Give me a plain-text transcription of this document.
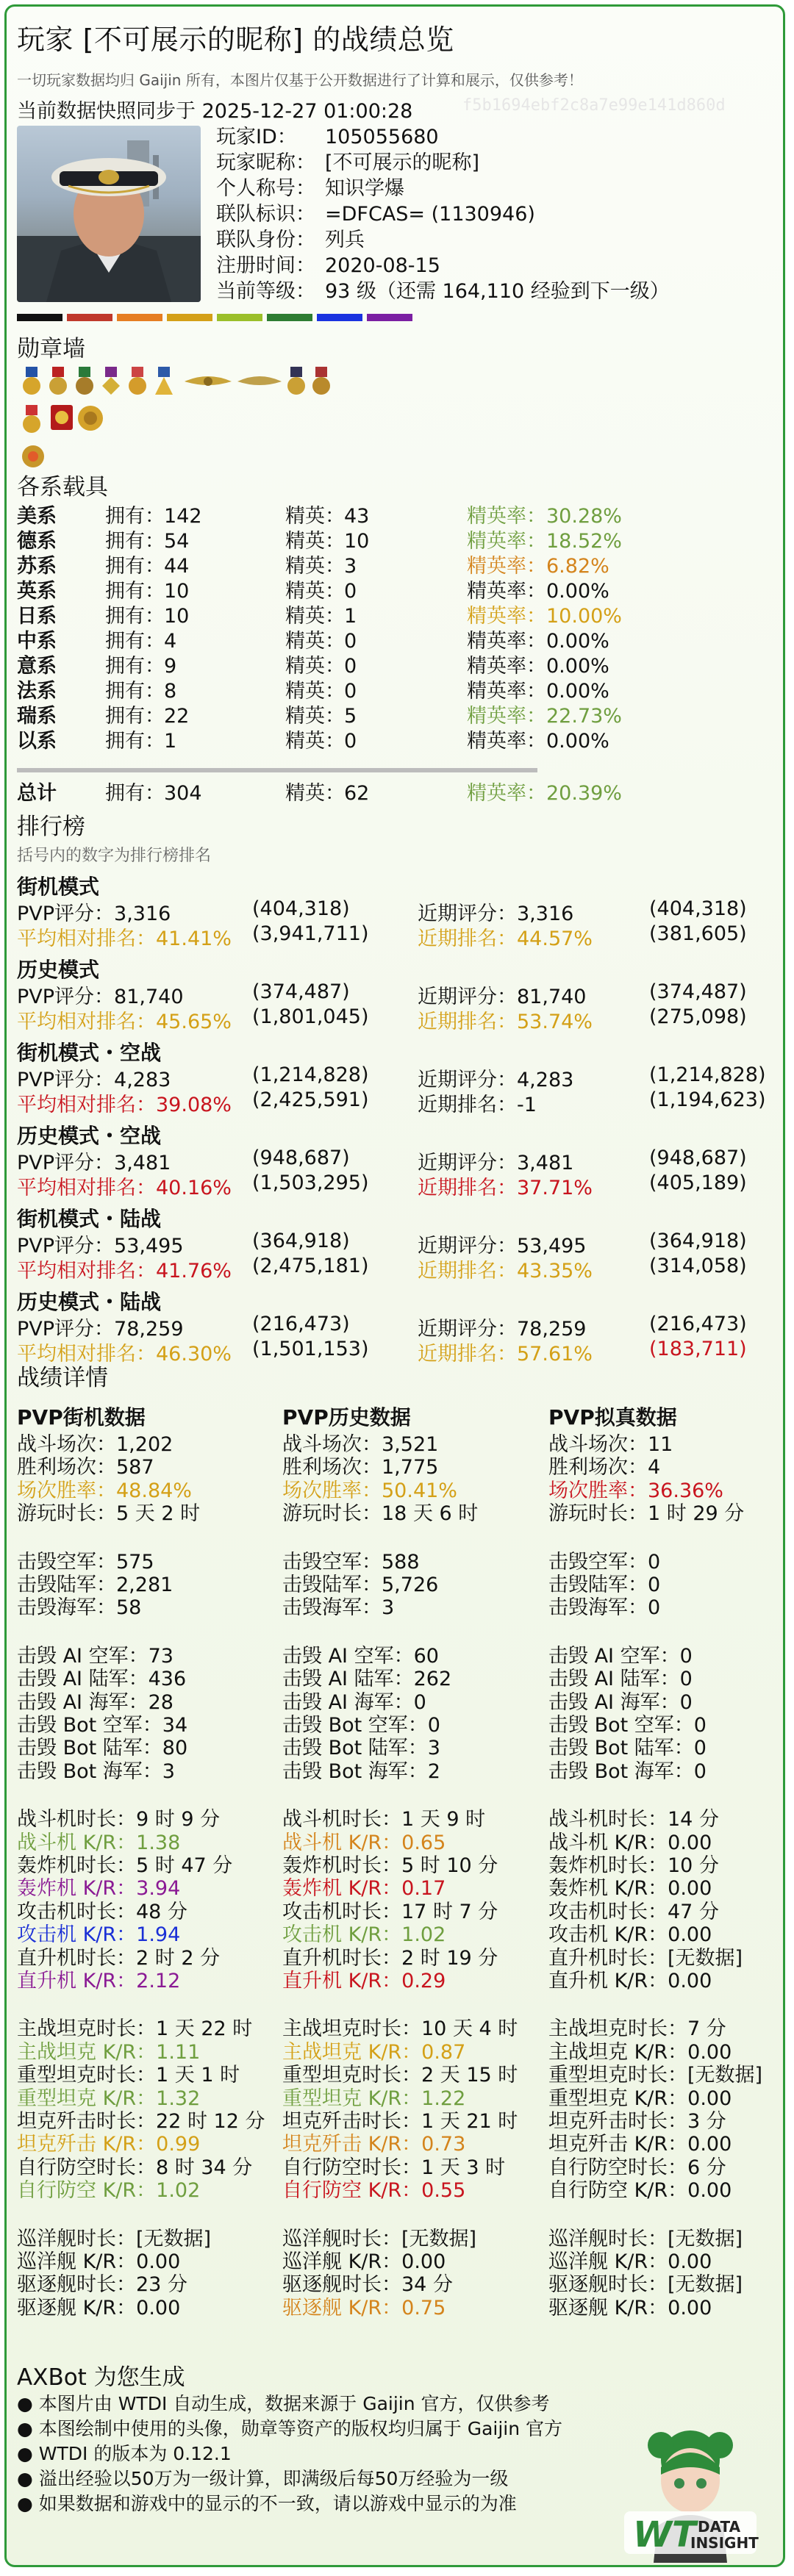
玩家 [不可展示的昵称] 的战绩总览
一切玩家数据均归 Gaijin 所有，本图片仅基于公开数据进行了计算和展示，仅供参考！
当前数据快照同步于 2025-12-27 01:00:28	f5b1694ebf2c8a7e99e141d860d
玩家ID： 105055680
玩家昵称： [不可展示的昵称]
个人称号： 知识学爆
联队标识： =DFCAS= (1130946)
联队身份： 列兵
注册时间： 2020-08-15
当前等级： 93 级（还需 164,110 经验到下一级）
勋章墙
各系载具
美系 拥有： 142	精英： 43	精英率： 30.28%
德系 拥有： 54	精英： 10	精英率： 18.52%
苏系 拥有： 44	精英： 3	精英率： 6.82%
英系 拥有： 10	精英： 0	精英率： 0.00%
日系 拥有： 10	精英： 1	精英率： 10.00%
中系 拥有： 4	精英： 0	精英率： 0.00%
意系 拥有： 9	精英： 0	精英率： 0.00%
法系 拥有： 8	精英： 0	精英率： 0.00%
瑞系 拥有： 22	精英： 5	精英率： 22.73%
以系 拥有： 1	精英： 0	精英率： 0.00%
总计 拥有： 304	精英： 62	精英率： 20.39%
排行榜
括号内的数字为排行榜排名
街机模式
PVP评分：3,316	(404,318)	近期评分：3,316	(404,318)
平均相对排名：41.41% (3,941,711) 近期排名：44.57%	(381,605)
历史模式
PVP评分：81,740	(374,487)	近期评分：81,740	(374,487)
平均相对排名：45.65% (1,801,045) 近期排名：53.74%	(275,098)
街机模式・空战
PVP评分：4,283	(1,214,828) 近期评分：4,283	(1,214,828)
平均相对排名：39.08% (2,425,591) 近期排名：-1	(1,194,623)
历史模式・空战
PVP评分：3,481	(948,687)	近期评分：3,481	(948,687)
平均相对排名：40.16% (1,503,295) 近期排名：37.71%	(405,189)
街机模式・陆战
PVP评分：53,495	(364,918)	近期评分：53,495	(364,918)
平均相对排名：41.76% (2,475,181) 近期排名：43.35%	(314,058)
历史模式・陆战
PVP评分：78,259	(216,473)	近期评分：78,259	(216,473)
平均相对排名：46.30% (1,501,153) 近期排名：57.61%	(183,711)
战绩详情
PVP街机数据
战斗场次：1,202
胜利场次：587
场次胜率：48.84%
游玩时长：5 天 2 时
击毁空军：575
击毁陆军：2,281
击毁海军：58
击毁 AI 空军：73
击毁 AI 陆军：436
击毁 AI 海军：28
击毁 Bot 空军：34
击毁 Bot 陆军：80
击毁 Bot 海军：3
战斗机时长：9 时 9 分
战斗机 K/R：1.38
轰炸机时长：5 时 47 分
轰炸机 K/R：3.94
攻击机时长：48 分
攻击机 K/R：1.94
直升机时长：2 时 2 分
直升机 K/R：2.12
主战坦克时长：1 天 22 时
主战坦克 K/R：1.11
重型坦克时长：1 天 1 时
重型坦克 K/R：1.32
坦克歼击时长：22 时 12 分
坦克歼击 K/R：0.99
自行防空时长：8 时 34 分
自行防空 K/R：1.02
巡洋舰时长：[无数据]
巡洋舰 K/R：0.00
驱逐舰时长：23 分
驱逐舰 K/R：0.00
PVP历史数据
战斗场次：3,521
胜利场次：1,775
场次胜率：50.41%
游玩时长：18 天 6 时
击毁空军：588
击毁陆军：5,726
击毁海军：3
击毁 AI 空军：60
击毁 AI 陆军：262
击毁 AI 海军：0
击毁 Bot 空军：0
击毁 Bot 陆军：3
击毁 Bot 海军：2
战斗机时长：1 天 9 时
战斗机 K/R：0.65
轰炸机时长：5 时 10 分
轰炸机 K/R：0.17
攻击机时长：17 时 7 分
攻击机 K/R：1.02
直升机时长：2 时 19 分
直升机 K/R：0.29
主战坦克时长：10 天 4 时
主战坦克 K/R：0.87
重型坦克时长：2 天 15 时
重型坦克 K/R：1.22
坦克歼击时长：1 天 21 时
坦克歼击 K/R：0.73
自行防空时长：1 天 3 时
自行防空 K/R：0.55
巡洋舰时长：[无数据]
巡洋舰 K/R：0.00
驱逐舰时长：34 分
驱逐舰 K/R：0.75
PVP拟真数据
战斗场次：11
胜利场次：4
场次胜率：36.36%
游玩时长：1 时 29 分
击毁空军：0
击毁陆军：0
击毁海军：0
击毁 AI 空军：0
击毁 AI 陆军：0
击毁 AI 海军：0
击毁 Bot 空军：0
击毁 Bot 陆军：0
击毁 Bot 海军：0
战斗机时长：14 分
战斗机 K/R：0.00
轰炸机时长：10 分
轰炸机 K/R：0.00
攻击机时长：47 分
攻击机 K/R：0.00
直升机时长：[无数据]
直升机 K/R：0.00
主战坦克时长：7 分
主战坦克 K/R：0.00
重型坦克时长：[无数据]
重型坦克 K/R：0.00
坦克歼击时长：3 分
坦克歼击 K/R：0.00
自行防空时长：6 分
自行防空 K/R：0.00
巡洋舰时长：[无数据]
巡洋舰 K/R：0.00
驱逐舰时长：[无数据]
驱逐舰 K/R：0.00
AXBot 为您生成
● 本图片由 WTDI 自动生成，数据来源于 Gaijin 官方，仅供参考
● 本图绘制中使用的头像，勋章等资产的版权均归属于 Gaijin 官方
● WTDI 的版本为 0.12.1
● 溢出经验以50万为一级计算，即满级后每50万经验为一级
● 如果数据和游戏中的显示的不一致，请以游戏中显示的为准
WT DATA
INSIGHT
